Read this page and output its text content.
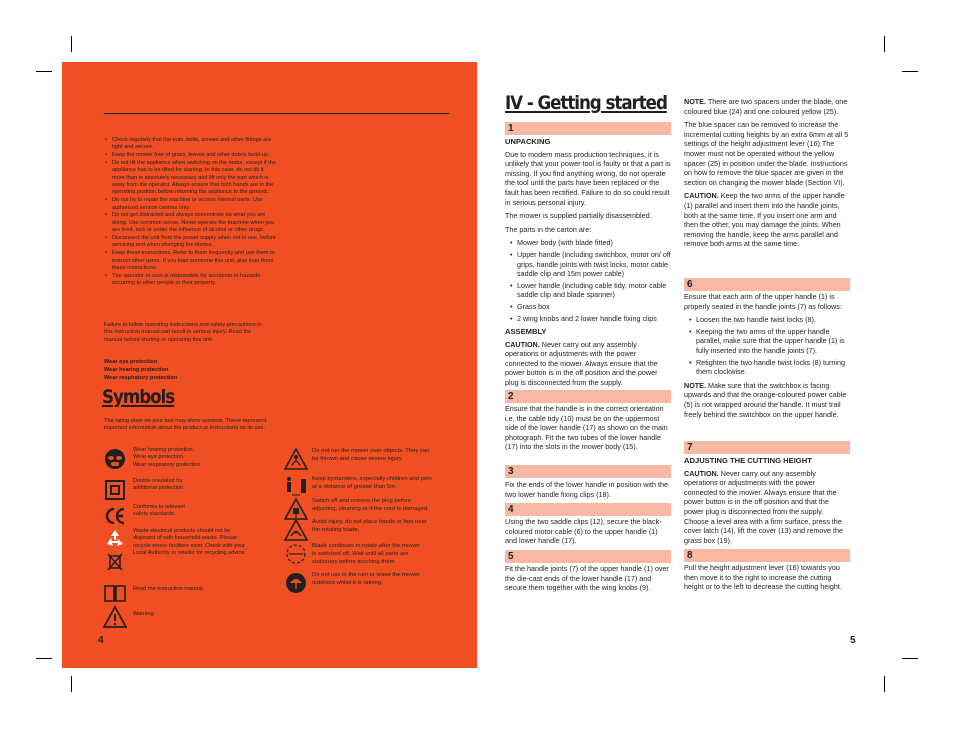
• Check regularly that the nuts, bolts, screws and other fittings are tight and secure.
• Keep the mower free of grass, leaves and other debris build-up.
• Do not tilt the appliance when switching on the motor, except if the appliance has to be tilted for starting. In this case, do not tilt it more than is absolutely necessary and lift only the part which is away from the operator. Always ensure that both hands are in the operating position before returning the appliance to the ground.
• Do not try to repair the machine or access internal parts. Use authorised service centres only.
• Do not get distracted and always concentrate on what you are doing. Use common sense. Never operate the machine when you are tired, sick or under the influence of alcohol or other drugs.
• Disconnect the unit from the power supply when not in use, before servicing and when changing the blades.
• Keep these instructions. Refer to them frequently and use them to instruct other users. If you loan someone this unit, also loan them these instructions.
• The operator or user is responsible for accidents or hazards occurring to other people or their property.

Failure to follow operating instructions and safety precautions in this instruction manual can result in serious injury. Read the manual before starting or operating this unit.

Wear eye protection

Wear hearing protection

Wear respiratory protection

Symbols

The rating plate on your tool may show symbols. These represent important information about the product or instructions on its use.

Wear hearing protection.
Wear eye protection.
Wear respiratory protection.
Double insulated for
additional protection.
Conforms to relevant
safety standards.
Waste electrical products should not be
disposed of with household waste. Please
recycle where facilities exist. Check with your
Local Authority or retailer for recycling advice.
Read the instruction manual.
Warning.
Do not run the mower over objects. They can
be thrown and cause severe injury.
Keep bystanders, especially children and pets
at a distance of greater than 5m.
Switch off and remove the plug before
adjusting, cleaning or if the cord is damaged.
Avoid injury, do not place hands or feet near
the rotating blade.
Blade continues to rotate after the mower
is switched off. Wait until all parts are
stationary before touching them.
Do not use in the rain or leave the mower
outdoors whilst it is raining.
4
IV - Getting started
1
UNPACKING

Due to modern mass production techniques, it is unlikely that your power tool is faulty or that a part is missing. If you find anything wrong, do not operate the tool until the parts have been replaced or the fault has been rectified. Failure to do so could result in serious personal injury.

The mower is supplied partially disassembled.

The parts in the carton are:

• Mower body (with blade fitted)
• Upper handle (including switchbox, motor on/ off grips, handle joints with twist locks, motor cable saddle clip and 15m power cable)
• Lower handle (including cable tidy, motor cable saddle clip and blade spanner)
• Grass box
• 2 wing knobs and 2 lower handle fixing clips
ASSEMBLY

CAUTION. Never carry out any assembly operations or adjustments with the power connected to the mower. Always ensure that the power button is in the off position and the power plug is disconnected from the supply.

2

Ensure that the handle is in the correct orientation i.e. the cable tidy (10) must be on the uppermost side of the lower handle (17) as shown on the main photograph. Fit the two tubes of the lower handle (17) into the slots in the mower body (15).

3

Fix the ends of the lower handle in position with the two lower handle fixing clips (18).

4

Using the two saddle clips (12), secure the black-coloured motor cable (6) to the upper handle (1) and lower handle (17).

5

Fit the handle joints (7) of the upper handle (1) over the die-cast ends of the lower handle (17) and secure them together with the wing knobs (9).

NOTE. There are two spacers under the blade, one coloured blue (24) and one coloured yellow (25).

The blue spacer can be removed to increase the incremental cutting heights by an extra 6mm at all 5 settings of the height adjustment lever (16).The mower must not be operated without the yellow spacer (25) in position under the blade. Instructions on how to remove the blue spacer are given in the section on changing the mower blade (Section VI).

CAUTION. Keep the two arms of the upper handle (1) parallel and insert them into the handle joints, both at the same time. If you insert one arm and then the other, you may damage the joints. When removing the handle, keep the arms parallel and remove both arms at the same time.

6

Ensure that each arm of the upper handle (1) is properly seated in the handle joints (7) as follows:

• Loosen the two handle twist locks (8).
• Keeping the two arms of the upper handle parallel, make sure that the upper handle (1) is fully inserted into the handle joints (7).
• Retighten the two handle twist locks (8) turning them clockwise.

NOTE. Make sure that the switchbox is facing upwards and that the orange-coloured power cable (5) is not wrapped around the handle. It must trail freely behind the switchbox on the upper handle.

7
ADJUSTING THE CUTTING HEIGHT

CAUTION. Never carry out any assembly operations or adjustments with the power connected to the mower. Always ensure that the power button is in the off position and that the power plug is disconnected from the supply. Choose a level area with a firm surface, press the cover latch (14), lift the cover (13) and remove the grass box (19).

8

Pull the height adjustment lever (16) towards you then move it to the right to increase the cutting height or to the left to decrease the cutting height.

5
